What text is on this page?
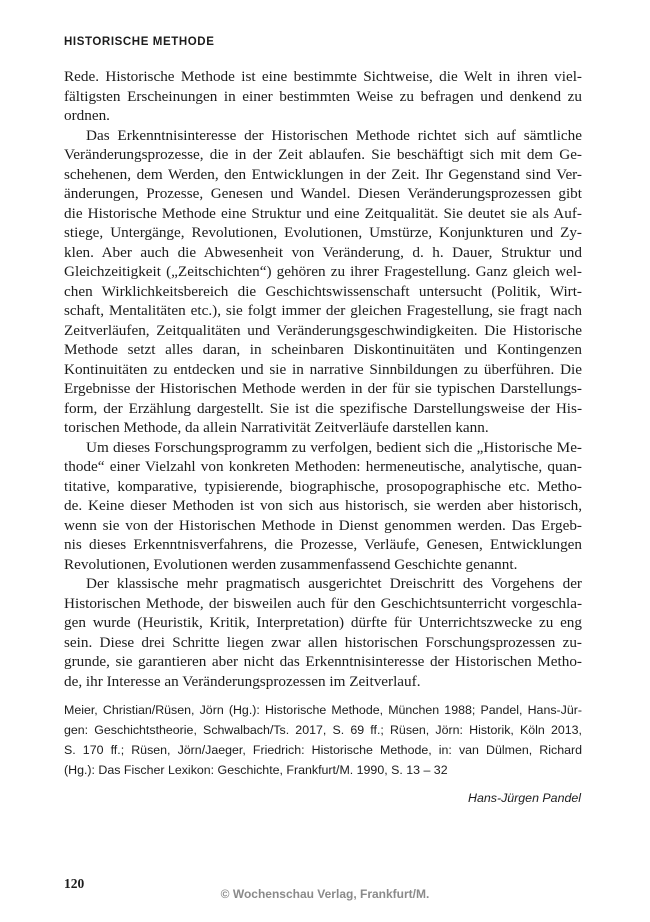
HISTORISCHE METHODE
Rede. Historische Methode ist eine bestimmte Sichtweise, die Welt in ihren viel-
fältigsten Erscheinungen in einer bestimmten Weise zu befragen und denkend zu
ordnen.
Das Erkenntnisinteresse der Historischen Methode richtet sich auf sämtliche
Veränderungsprozesse, die in der Zeit ablaufen. Sie beschäftigt sich mit dem Ge-
schehenen, dem Werden, den Entwicklungen in der Zeit. Ihr Gegenstand sind Ver-
änderungen, Prozesse, Genesen und Wandel. Diesen Veränderungsprozessen gibt
die Historische Methode eine Struktur und eine Zeitqualität. Sie deutet sie als Auf-
stiege, Untergänge, Revolutionen, Evolutionen, Umstürze, Konjunkturen und Zy-
klen. Aber auch die Abwesenheit von Veränderung, d. h. Dauer, Struktur und
Gleichzeitigkeit („Zeitschichten“) gehören zu ihrer Fragestellung. Ganz gleich wel-
chen Wirklichkeitsbereich die Geschichtswissenschaft untersucht (Politik, Wirt-
schaft, Mentalitäten etc.), sie folgt immer der gleichen Fragestellung, sie fragt nach
Zeitverläufen, Zeitqualitäten und Veränderungsgeschwindigkeiten. Die Historische
Methode setzt alles daran, in scheinbaren Diskontinuitäten und Kontingenzen
Kontinuitäten zu entdecken und sie in narrative Sinnbildungen zu überführen. Die
Ergebnisse der Historischen Methode werden in der für sie typischen Darstellungs-
form, der Erzählung dargestellt. Sie ist die spezifische Darstellungsweise der His-
torischen Methode, da allein Narrativität Zeitverläufe darstellen kann.
Um dieses Forschungsprogramm zu verfolgen, bedient sich die „Historische Me-
thode“ einer Vielzahl von konkreten Methoden: hermeneutische, analytische, quan-
titative, komparative, typisierende, biographische, prosopographische etc. Metho-
de. Keine dieser Methoden ist von sich aus historisch, sie werden aber historisch,
wenn sie von der Historischen Methode in Dienst genommen werden. Das Ergeb-
nis dieses Erkenntnisverfahrens, die Prozesse, Verläufe, Genesen, Entwicklungen
Revolutionen, Evolutionen werden zusammenfassend Geschichte genannt.
Der klassische mehr pragmatisch ausgerichtet Dreischritt des Vorgehens der
Historischen Methode, der bisweilen auch für den Geschichtsunterricht vorgeschla-
gen wurde (Heuristik, Kritik, Interpretation) dürfte für Unterrichtszwecke zu eng
sein. Diese drei Schritte liegen zwar allen historischen Forschungsprozessen zu-
grunde, sie garantieren aber nicht das Erkenntnisinteresse der Historischen Metho-
de, ihr Interesse an Veränderungsprozessen im Zeitverlauf.
Meier, Christian/Rüsen, Jörn (Hg.): Historische Methode, München 1988; Pandel, Hans-Jür-
gen: Geschichtstheorie, Schwalbach/Ts. 2017, S. 69 ff.; Rüsen, Jörn: Historik, Köln 2013,
S. 170 ff.; Rüsen, Jörn/Jaeger, Friedrich: Historische Methode, in: van Dülmen, Richard
(Hg.): Das Fischer Lexikon: Geschichte, Frankfurt/M. 1990, S. 13 – 32
Hans-Jürgen Pandel
120
© Wochenschau Verlag, Frankfurt/M.
